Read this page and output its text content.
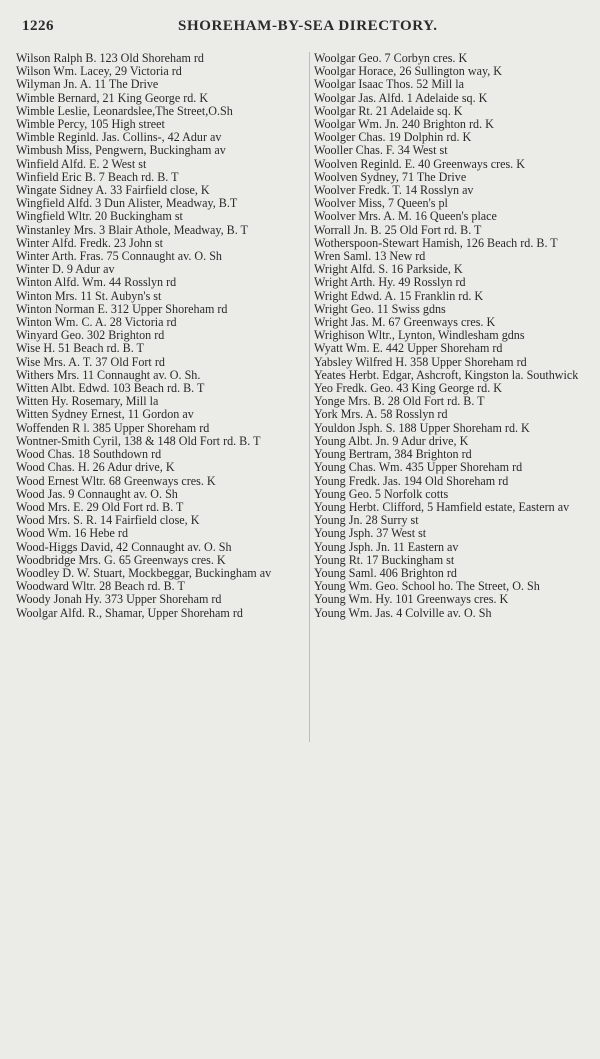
1226	SHOREHAM-BY-SEA DIRECTORY.
Wilson Ralph B. 123 Old Shoreham rd
Wilson Wm. Lacey, 29 Victoria rd
Wilyman Jn. A. 11 The Drive
Wimble Bernard, 21 King George rd. K
Wimble Leslie, Leonardslee,The Street,O.Sh
Wimble Percy, 105 High street
Wimble Reginld. Jas. Collins-, 42 Adur av
Wimbush Miss, Pengwern, Buckingham av
Winfield Alfd. E. 2 West st
Winfield Eric B. 7 Beach rd. B. T
Wingate Sidney A. 33 Fairfield close, K
Wingfield Alfd. 3 Dun Alister, Meadway, B.T
Wingfield Wltr. 20 Buckingham st
Winstanley Mrs. 3 Blair Athole, Meadway, B. T
Winter Alfd. Fredk. 23 John st
Winter Arth. Fras. 75 Connaught av. O. Sh
Winter D. 9 Adur av
Winton Alfd. Wm. 44 Rosslyn rd
Winton Mrs. 11 St. Aubyn's st
Winton Norman E. 312 Upper Shoreham rd
Winton Wm. C. A. 28 Victoria rd
Winyard Geo. 302 Brighton rd
Wise H. 51 Beach rd. B. T
Wise Mrs. A. T. 37 Old Fort rd
Withers Mrs. 11 Connaught av. O. Sh.
Witten Albt. Edwd. 103 Beach rd. B. T
Witten Hy. Rosemary, Mill la
Witten Sydney Ernest, 11 Gordon av
Woffenden R l. 385 Upper Shoreham rd
Wontner-Smith Cyril, 138 & 148 Old Fort rd. B. T
Wood Chas. 18 Southdown rd
Wood Chas. H. 26 Adur drive, K
Wood Ernest Wltr. 68 Greenways cres. K
Wood Jas. 9 Connaught av. O. Sh
Wood Mrs. E. 29 Old Fort rd. B. T
Wood Mrs. S. R. 14 Fairfield close, K
Wood Wm. 16 Hebe rd
Wood-Higgs David, 42 Connaught av. O. Sh
Woodbridge Mrs. G. 65 Greenways cres. K
Woodley D. W. Stuart, Mockbeggar, Buckingham av
Woodward Wltr. 28 Beach rd. B. T
Woody Jonah Hy. 373 Upper Shoreham rd
Woolgar Alfd. R., Shamar, Upper Shoreham rd
Woolgar Geo. 7 Corbyn cres. K
Woolgar Horace, 26 Sullington way, K
Woolgar Isaac Thos. 52 Mill la
Woolgar Jas. Alfd. 1 Adelaide sq. K
Woolgar Rt. 21 Adelaide sq. K
Woolgar Wm. Jn. 240 Brighton rd. K
Woolger Chas. 19 Dolphin rd. K
Wooller Chas. F. 34 West st
Woolven Reginld. E. 40 Greenways cres. K
Woolven Sydney, 71 The Drive
Woolver Fredk. T. 14 Rosslyn av
Woolver Miss, 7 Queen's pl
Woolver Mrs. A. M. 16 Queen's place
Worrall Jn. B. 25 Old Fort rd. B. T
Wotherspoon-Stewart Hamish, 126 Beach rd. B. T
Wren Saml. 13 New rd
Wright Alfd. S. 16 Parkside, K
Wright Arth. Hy. 49 Rosslyn rd
Wright Edwd. A. 15 Franklin rd. K
Wright Geo. 11 Swiss gdns
Wright Jas. M. 67 Greenways cres. K
Wrighison Wltr., Lynton, Windlesham gdns
Wyatt Wm. E. 442 Upper Shoreham rd
Yabsley Wilfred H. 358 Upper Shoreham rd
Yeates Herbt. Edgar, Ashcroft, Kingston la. Southwick
Yeo Fredk. Geo. 43 King George rd. K
Yonge Mrs. B. 28 Old Fort rd. B. T
York Mrs. A. 58 Rosslyn rd
Youldon Jsph. S. 188 Upper Shoreham rd. K
Young Albt. Jn. 9 Adur drive, K
Young Bertram, 384 Brighton rd
Young Chas. Wm. 435 Upper Shoreham rd
Young Fredk. Jas. 194 Old Shoreham rd
Young Geo. 5 Norfolk cotts
Young Herbt. Clifford, 5 Hamfield estate, Eastern av
Young Jn. 28 Surry st
Young Jsph. 37 West st
Young Jsph. Jn. 11 Eastern av
Young Rt. 17 Buckingham st
Young Saml. 406 Brighton rd
Young Wm. Geo. School ho. The Street, O. Sh
Young Wm. Hy. 101 Greenways cres. K
Young Wm. Jas. 4 Colville av. O. Sh
